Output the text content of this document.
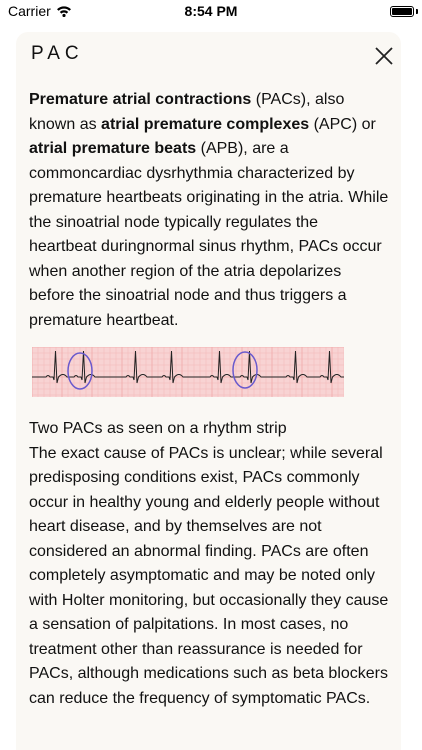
Carrier	8:54 PM
PAC

Premature atrial contractions (PACs), also known as atrial premature complexes (APC) or atrial premature beats (APB), are a commoncardiac dysrhythmia characterized by premature heartbeats originating in the atria. While the sinoatrial node typically regulates the heartbeat duringnormal sinus rhythm, PACs occur when another region of the atria depolarizes before the sinoatrial node and thus triggers a premature heartbeat.

Two PACs as seen on a rhythm strip

The exact cause of PACs is unclear; while several predisposing conditions exist, PACs commonly occur in healthy young and elderly people without heart disease, and by themselves are not considered an abnormal finding. PACs are often completely asymptomatic and may be noted only with Holter monitoring, but occasionally they cause a sensation of palpitations. In most cases, no treatment other than reassurance is needed for PACs, although medications such as beta blockers can reduce the frequency of symptomatic PACs.
